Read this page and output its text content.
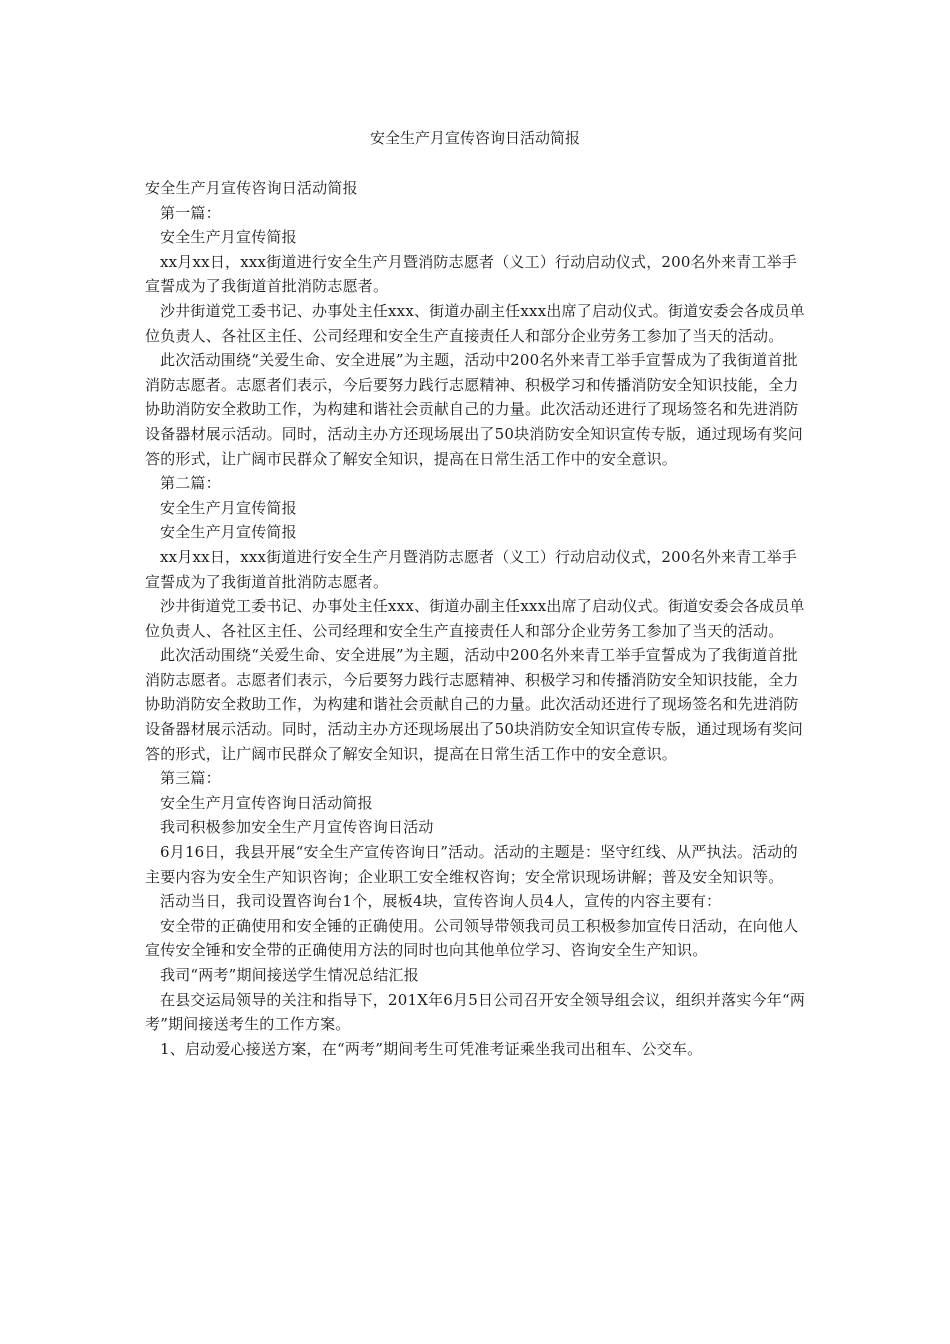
安全生产月宣传咨询日活动简报

安全生产月宣传咨询日活动简报

第一篇：

安全生产月宣传简报

xx月xx日，xxx街道进行安全生产月暨消防志愿者（义工）行动启动仪式，200名外来青工举手宣誓成为了我街道首批消防志愿者。

沙井街道党工委书记、办事处主任xxx、街道办副主任xxx出席了启动仪式。街道安委会各成员单位负责人、各社区主任、公司经理和安全生产直接责任人和部分企业劳务工参加了当天的活动。

此次活动围绕“关爱生命、安全进展”为主题，活动中200名外来青工举手宣誓成为了我街道首批消防志愿者。志愿者们表示，今后要努力践行志愿精神、积极学习和传播消防安全知识技能，全力协助消防安全救助工作，为构建和谐社会贡献自己的力量。此次活动还进行了现场签名和先进消防设备器材展示活动。同时，活动主办方还现场展出了50块消防安全知识宣传专版，通过现场有奖问答的形式，让广阔市民群众了解安全知识，提高在日常生活工作中的安全意识。

第二篇：

安全生产月宣传简报

安全生产月宣传简报

xx月xx日，xxx街道进行安全生产月暨消防志愿者（义工）行动启动仪式，200名外来青工举手宣誓成为了我街道首批消防志愿者。

沙井街道党工委书记、办事处主任xxx、街道办副主任xxx出席了启动仪式。街道安委会各成员单位负责人、各社区主任、公司经理和安全生产直接责任人和部分企业劳务工参加了当天的活动。

此次活动围绕“关爱生命、安全进展”为主题，活动中200名外来青工举手宣誓成为了我街道首批消防志愿者。志愿者们表示，今后要努力践行志愿精神、积极学习和传播消防安全知识技能，全力协助消防安全救助工作，为构建和谐社会贡献自己的力量。此次活动还进行了现场签名和先进消防设备器材展示活动。同时，活动主办方还现场展出了50块消防安全知识宣传专版，通过现场有奖问答的形式，让广阔市民群众了解安全知识，提高在日常生活工作中的安全意识。

第三篇：

安全生产月宣传咨询日活动简报

我司积极参加安全生产月宣传咨询日活动

6月16日，我县开展“安全生产宣传咨询日”活动。活动的主题是：坚守红线、从严执法。活动的主要内容为安全生产知识咨询；企业职工安全维权咨询；安全常识现场讲解；普及安全知识等。

活动当日，我司设置咨询台1个，展板4块，宣传咨询人员4人，宣传的内容主要有：

安全带的正确使用和安全锤的正确使用。公司领导带领我司员工积极参加宣传日活动，在向他人宣传安全锤和安全带的正确使用方法的同时也向其他单位学习、咨询安全生产知识。

我司“两考”期间接送学生情况总结汇报

在县交运局领导的关注和指导下，201X年6月5日公司召开安全领导组会议，组织并落实今年“两考”期间接送考生的工作方案。

1、启动爱心接送方案，在“两考”期间考生可凭准考证乘坐我司出租车、公交车。
